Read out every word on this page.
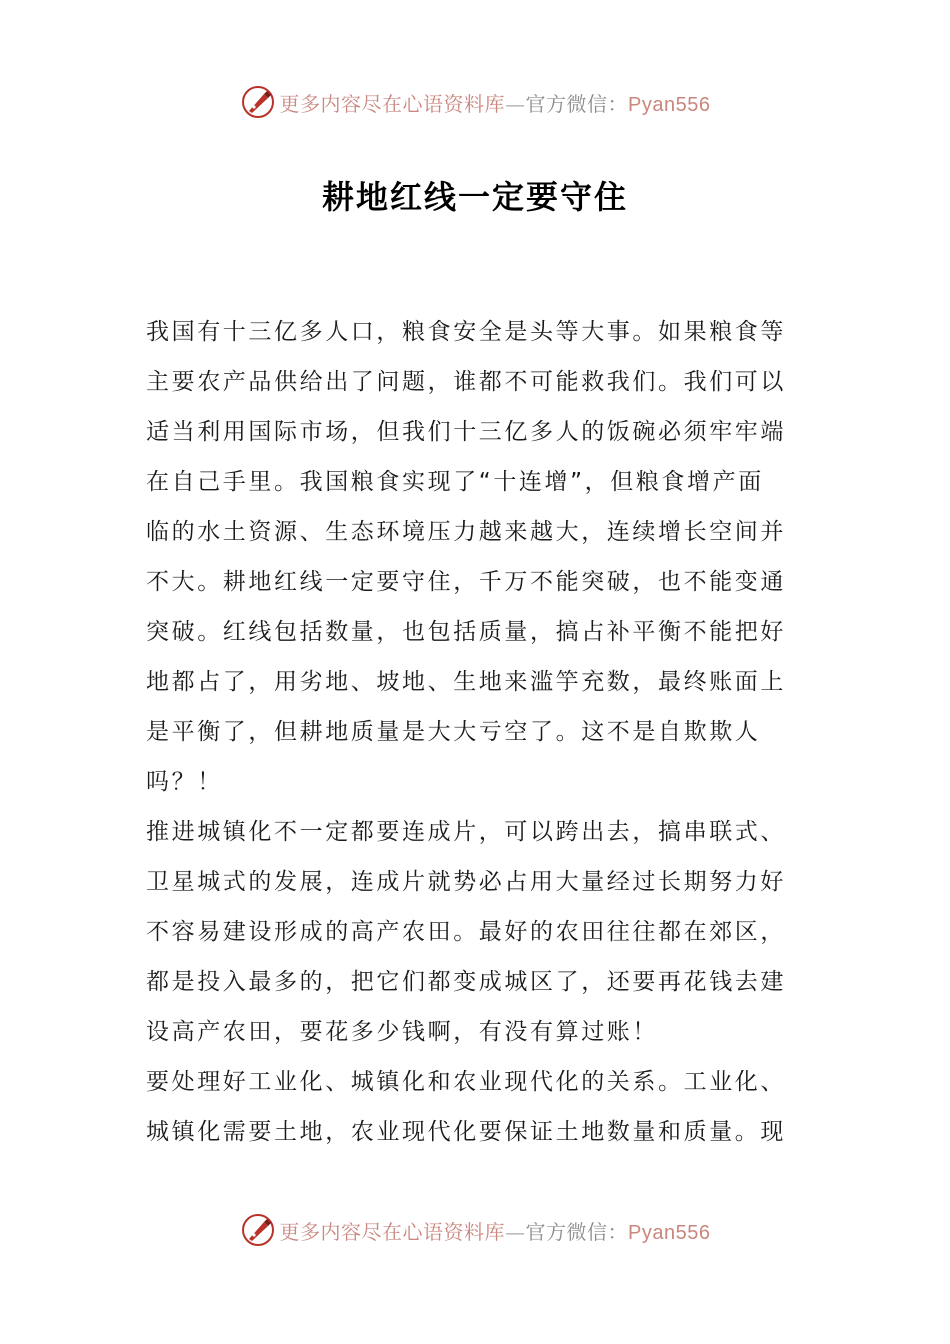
更多内容尽在心语资料库—官方微信：Pyan556
耕地红线一定要守住
我国有十三亿多人口，粮食安全是头等大事。如果粮食等
主要农产品供给出了问题，谁都不可能救我们。我们可以
适当利用国际市场，但我们十三亿多人的饭碗必须牢牢端
在自己手里。我国粮食实现了“十连增”，但粮食增产面
临的水土资源、生态环境压力越来越大，连续增长空间并
不大。耕地红线一定要守住，千万不能突破，也不能变通
突破。红线包括数量，也包括质量，搞占补平衡不能把好
地都占了，用劣地、坡地、生地来滥竽充数，最终账面上
是平衡了，但耕地质量是大大亏空了。这不是自欺欺人
吗？！
推进城镇化不一定都要连成片，可以跨出去，搞串联式、
卫星城式的发展，连成片就势必占用大量经过长期努力好
不容易建设形成的高产农田。最好的农田往往都在郊区，
都是投入最多的，把它们都变成城区了，还要再花钱去建
设高产农田，要花多少钱啊，有没有算过账！
要处理好工业化、城镇化和农业现代化的关系。工业化、
城镇化需要土地，农业现代化要保证土地数量和质量。现
更多内容尽在心语资料库—官方微信：Pyan556
